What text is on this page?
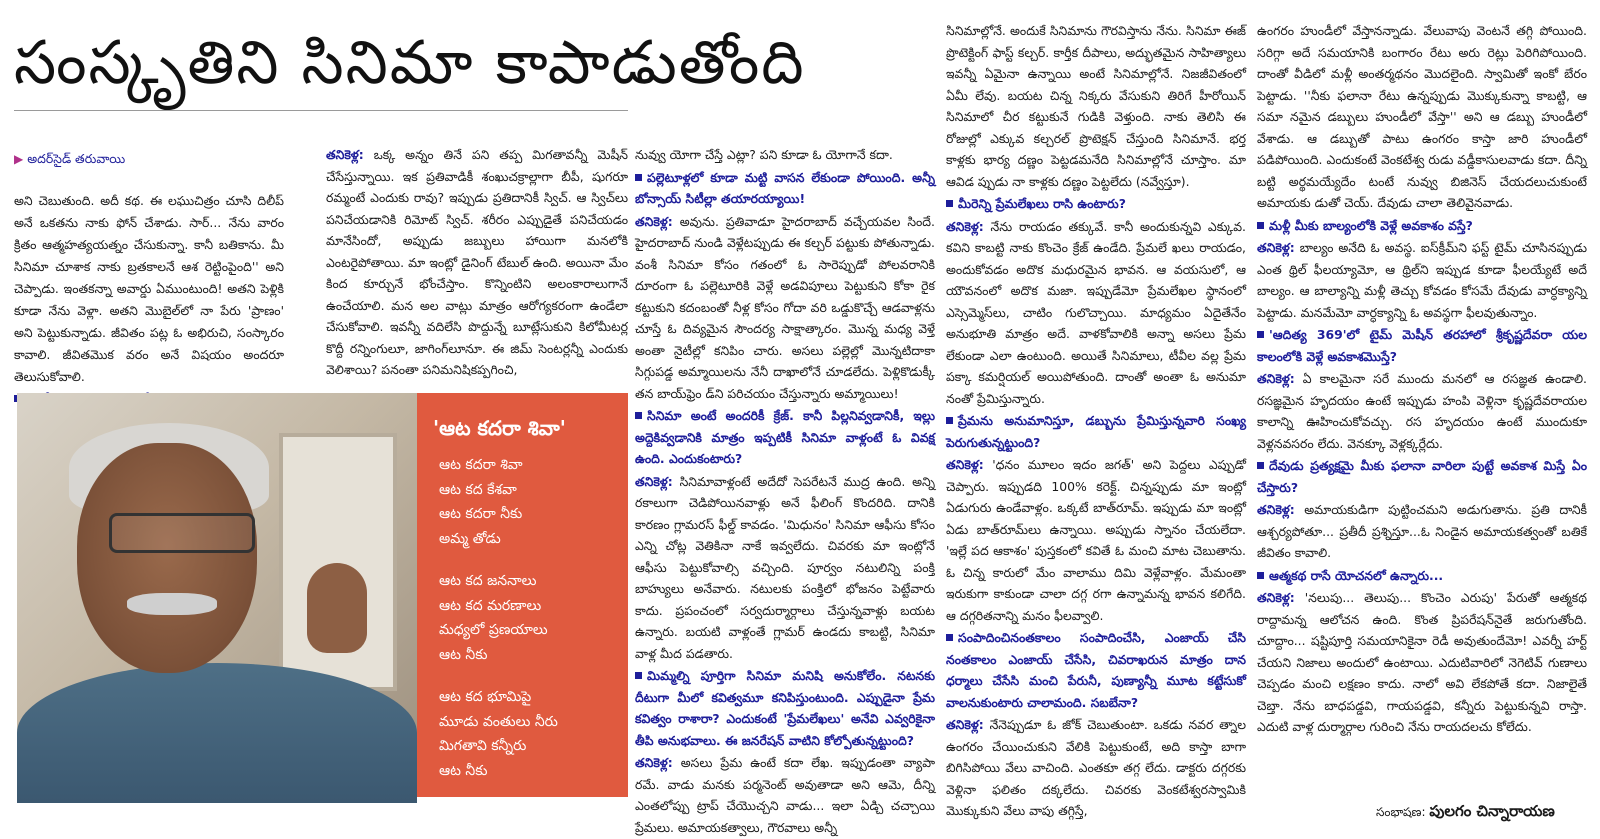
సంస్కృతిని సినిమా కాపాడుతోంది
▶ అదర్‌సైడ్‌ తరువాయి

అని చెబుతుంది. అదీ కథ. ఈ లఘుచిత్రం చూసి దిలీప్‌ అనే ఒకతను నాకు ఫోన్‌ చేశాడు. సార్‌... నేను వారం క్రితం ఆత్మహత్యయత్నం చేసుకున్నా. కానీ బతికాను. మీ సినిమా చూశాక నాకు బ్రతకాలనే ఆశ రెట్టింపైంది'' అని చెప్పాడు. ఇంతకన్నా అవార్డు ఏముంటుంది! అతని పెళ్లికి కూడా నేను వెళ్లా. అతని మొబైల్‌లో నా పేరు 'ప్రాణం' అని పెట్టుకున్నాడు. జీవితం పట్ల ఓ అభిరుచి, సంస్కారం కావాలి. జీవితమొక వరం అనే విషయం అందరూ తెలుసుకోవాలి.

తనికెళ్ల: ఒక్క అన్నం తినే పని తప్ప మిగతావన్నీ మెషీన్‌ చేసేస్తున్నాయి. ఇక ప్రతివాడికీ శంఖుచక్రాల్లాగా బీపీ, షుగరూ రమ్మంటే ఎందుకు రావు? ఇప్పుడు ప్రతిదానికీ స్విచ్‌. ఆ స్విచ్‌లు పనిచేయడానికి రిమోట్‌ స్విచ్‌. శరీరం ఎప్పుడైతే పనిచేయడం మానేసిందో, అప్పుడు జబ్బులు హాయిగా మనలోకి ఎంటరైపోతాయి. మా ఇంట్లో డైనింగ్‌ టేబుల్‌ ఉంది. అయినా మేం కింద కూర్చునే భోంచేస్తాం. కొన్నింటిని అలంకారాలుగానే ఉంచేయాలి. మన అల వాట్లు మాత్రం ఆరోగ్యకరంగా ఉండేలా చేసుకోవాలి. ఇవన్నీ వదిలేసి పొద్దున్నే బూట్లేసుకుని కిలోమీటర్ల కొద్దీ రన్నింగులూ, జాగింగ్‌లూనూ. ఈ జిమ్‌ సెంటర్లన్నీ ఎందుకు వెలిశాయి? పనంతా పనిమనిషికప్పగించి,

'ఆట కదరా శివా'

ఆట కదరా శివా

ఆట కద కేశవా

ఆట కదరా నీకు

అమ్మ తోడు

ఆట కద జననాలు

ఆట కద మరణాలు

మధ్యలో ప్రణయాలు

ఆట నీకు

ఆట కద భూమిపై

మూడు వంతులు నీరు

మిగతావి కన్నీరు

ఆట నీకు

నువ్వు యోగా చేస్తే ఎట్లా? పని కూడా ఓ యోగానే కదా.

పల్లెటూళ్లలో కూడా మట్టి వాసన లేకుండా పోయింది. అన్నీ బోన్సాయ్‌ సిటీల్లా తయారయ్యాయి!

తనికెళ్ల: అవును. ప్రతివాడూ హైదరాబాద్‌ వచ్చేయవల సిందే. హైదరాబాద్‌ నుండి వెళ్లేటప్పుడు ఈ కల్చర్‌ పట్టుకు పోతున్నాడు. వంశీ సినిమా కోసం గతంలో ఓ సారెప్పుడో పోలవరానికి దూరంగా ఓ పల్లెటూరికి వెళ్లే అడవిపూలు పెట్టుకుని కోకా రైక కట్టుకుని కదంబంతో నీళ్ల కోసం గోదా వరి ఒడ్డుకొచ్చే ఆడవాళ్లను చూస్తే ఓ దివ్యమైన సౌందర్య సాక్షాత్కారం. మొన్న మధ్య వెళ్తే అంతా నైటీల్లో కనిపిం చారు. అసలు పల్లెల్లో మొన్నటిదాకా సిగ్గుపడ్డ అమ్మాయిలను నేనీ దాఖాలోనే చూడలేదు. పెళ్లికొడుక్కీ తన బాయ్‌ఫ్రెం డ్‌ని పరిచయం చేస్తున్నారు అమ్మాయిలు!

సినిమా అంటే అందరికీ క్రేజ్‌. కానీ పిల్లనివ్వడానికీ, ఇల్లు అద్దెకివ్వడానికి మాత్రం ఇప్పటికీ సినిమా వాళ్లంటే ఓ వివక్ష ఉంది. ఎందుకంటారు?

తనికెళ్ల: సినిమావాళ్లంటే అదేదో సెపరేటనే ముద్ర ఉంది. అన్ని రకాలుగా చెడిపోయినవాళ్లు అనే ఫీలింగ్‌ కొందరిది. దానికి కారణం గ్లామరస్‌ ఫీల్డ్‌ కావడం. 'మిధునం' సినిమా ఆఫీసు కోసం ఎన్ని చోట్ల వెతికినా నాకే ఇవ్వలేదు. చివరకు మా ఇంట్లోనే ఆఫీసు పెట్టుకోవాల్సి వచ్చింది. పూర్వం నటులిన్ని పంక్తి బాహ్యులు అనేవారు. నటులకు పంక్తిలో భోజనం పెట్టేవారు కాదు. ప్రపంచంలో సర్వదుర్మార్గాలు చేస్తున్నవాళ్లు బయట ఉన్నారు. బయటి వాళ్లంతే గ్లామర్‌ ఉండదు కాబట్టి, సినిమా వాళ్ల మీద పడతారు.

మిమ్మల్ని పూర్తిగా సినిమా మనిషి అనుకోలేం. నటనకు దీటుగా మీలో కవిత్వమూ కనిపిస్తుంటుంది. ఎప్పుడైనా ప్రేమ కవిత్వం రాశారా? ఎందుకంటే 'ప్రేమలేఖలు' అనేవి ఎవ్వరికైనా తీపి అనుభవాలు. ఈ జనరేషన్‌ వాటిని కోల్పోతున్నట్టుంది?

తనికెళ్ల: అసలు ప్రేమ ఉంటే కదా లేఖ. ఇప్పుడంతా వ్యాపా రమే. వాడు మనకు పర్మనెంట్‌ అవుతాడా అని ఆమె, దీన్ని ఎంతలోప్పు ట్రాప్‌ చేయొచ్చని వాడు... ఇలా ఏడ్చి చచ్చాయి ప్రేమలు. అమాయకత్వాలు, గౌరవాలు అన్నీ

సినిమాల్లోనే. అందుకే సినిమాను గౌరవిస్తాను నేను. సినిమా ఈజ్‌ ప్రొటెక్టింగ్‌ ఫాస్ట్‌ కల్చర్‌. కార్తీక దీపాలు, అద్భుతమైన సాహిత్యాలు ఇవన్నీ ఏమైనా ఉన్నాయి అంటే సినిమాల్లోనే. నిజజీవితంలో ఏమీ లేవు. బయట చిన్న నిక్కరు వేసుకుని తిరిగే హీరోయిన్‌ సినిమాలో చీర కట్టుకునే గుడికి వెళ్తుంది. నాకు తెలిసి ఈ రోజుల్లో ఎక్కువ కల్చరల్‌ ప్రొటెక్షన్‌ చేస్తుంది సినిమానే. భర్త కాళ్లకు భార్య దణ్ణం పెట్టడమనేది సినిమాల్లోనే చూస్తాం. మా ఆవిడ ప్పుడు నా కాళ్లకు దణ్ణం పెట్టలేదు (నవ్వేస్తూ).

మీరెన్ని ప్రేమలేఖలు రాసి ఉంటారు?

తనికెళ్ల: నేను రాయడం తక్కువే. కానీ అందుకున్నవి ఎక్కువ. కవిని కాబట్టి నాకు కొంచెం క్రేజ్‌ ఉండేది. ప్రేమలే ఖలు రాయడం, అందుకోవడం అదొక మధురమైన భావన. ఆ వయసులో, ఆ యౌవనంలో అదొక మజా. ఇప్పుడేమో ప్రేమలేఖల స్థానంలో ఎస్సెమ్మెస్‌లు, చాటిం గులొచ్చాయి. మాధ్యమం ఏదైతేనేం అనుభూతి మాత్రం అదే. వాళకోవాలికి అన్నా అసలు ప్రేమ లేకుండా ఎలా ఉంటుంది. అయితే సినిమాలు, టీవీల వల్ల ప్రేమ పక్కా కమర్షియల్‌ అయిపోతుంది. దాంతో అంతా ఓ అనుమా నంతో ప్రేమిస్తున్నారు.

ప్రేమను అనుమానిస్తూ, డబ్బును ప్రేమిస్తున్నవారి సంఖ్య పెరుగుతున్నట్టుంది?

తనికెళ్ల: 'ధనం మూలం ఇదం జగత్‌' అని పెద్దలు ఎప్పుడో చెప్పారు. ఇప్పుడది 100% కరెక్ట్‌. చిన్నప్పుడు మా ఇంట్లో ఏడుగురు ఉండేవాళ్లం. ఒక్కటే బాత్‌రూమ్‌. ఇప్పుడు మా ఇంట్లో ఏడు బాత్‌రూమ్‌లు ఉన్నాయి. అప్పుడు స్నానం చేయలేదా. 'ఇల్లే పద ఆకాశం' పుస్తకంలో కవితే ఓ మంచి మాట చెబుతాను. ఓ చిన్న కారులో మేం వాలాము దిమి వెళ్లేవాళ్లం. మేమంతా ఇరుకుగా కాకుండా చాలా దగ్గ రగా ఉన్నామన్న భావన కలిగేది. ఆ దగ్గరితనాన్ని మనం ఫీలవ్వాలి.

సంపాదించినంతకాలం సంపాదించేసి, ఎంజాయ్‌ చేసి నంతకాలం ఎంజాయ్‌ చేసేసి, చివరాఖరున మాత్రం దాన ధర్మాలు చేసేసి మంచి పేరునీ, పుణ్యాన్నీ మూట కట్టేసుకో వాలనుకుంటారు చాలామంది. సబబేనా?

తనికెళ్ల: నేనెప్పుడూ ఓ జోక్‌ చెబుతుంటా. ఒకడు నవర త్నాల ఉంగరం చేయించుకుని వేలికి పెట్టుకుంటే, అది కాస్తా బాగా బిగిసిపోయి వేలు వాచింది. ఎంతకూ తగ్గ లేదు. డాక్టరు దగ్గరకు వెళ్లినా ఫలితం దక్కలేదు. చివరకు వెంకటేశ్వరస్వామికి మొక్కుకుని వేలు వాపు తగ్గిస్తే,

ఉంగరం హుండీలో వేస్తానన్నాడు. వేలువాపు వెంటనే తగ్గి పోయింది. సరిగ్గా అదే సమయానికి బంగారం రేటు అరు రెట్లు పెరిగిపోయింది. దాంతో వీడిలో మళ్లీ అంతర్మథనం మొదలైంది. స్వామితో ఇంకో బేరం పెట్టాడు. ''నీకు ఫలానా రేటు ఉన్నప్పుడు మొక్కుకున్నా కాబట్టి, ఆ సమా నమైన డబ్బులు హుండీలో వేస్తా'' అని ఆ డబ్బు హుండీలో వేశాడు. ఆ డబ్బుతో పాటు ఉంగరం కాస్తా జారి హుండీలో పడిపోయింది. ఎందుకంటే వెంకటేశ్వ రుడు వడ్డీకాసులవాడు కదా. దీన్ని బట్టి అర్థమయ్యేదేం టంటే నువ్వు బిజినెస్‌ చేయదలుచుకుంటే అమాయకు డుతో చెయ్‌. దేవుడు చాలా తెలివైనవాడు.

మళ్లీ మీకు బాల్యంలోకి వెళ్లే అవకాశం వస్తే?

తనికెళ్ల: బాల్యం అనేది ఓ అవస్థ. ఐస్‌క్రీమ్‌ని ఫస్ట్‌ టైమ్‌ చూసినప్పుడు ఎంత థ్రిల్‌ ఫీలయ్యామో, ఆ థ్రిల్‌ని ఇప్పుడ కూడా ఫీలయ్యేటే అదే బాల్యం. ఆ బాల్యాన్ని మళ్లీ తెచ్చు కోవడం కోసమే దేవుడు వార్ధక్యాన్ని పెట్టాడు. మనమేమో వార్ధక్యాన్ని ఓ అవస్థగా ఫీలవుతున్నాం.

'ఆదిత్య 369'లో టైమ్‌ మెషీన్‌ తరహాలో శ్రీకృష్ణదేవరా యల కాలంలోకి వెళ్లే అవకాశమొస్తే?

తనికెళ్ల: ఏ కాలమైనా సరే ముందు మనలో ఆ రసజ్ఞత ఉండాలి. రసజ్ఞమైన హృదయం ఉంటే ఇప్పుడు హంపి వెళ్లినా కృష్ణదేవరాయల కాలాన్ని ఊహించుకోవచ్చు. రస హృదయం ఉంటే ముందుకూ వెళ్లనవసరం లేదు. వెనక్కూ వెళ్లక్కర్లేదు.

దేవుడు ప్రత్యక్షమై మీకు ఫలానా వారిలా పుట్టే అవకాశ మిస్తే ఏం చేస్తారు?

తనికెళ్ల: అమాయకుడిగా పుట్టించమని అడుగుతాను. ప్రతి దానికీ ఆశ్చర్యపోతూ... ప్రతీదీ ప్రశ్నిస్తూ...ఓ నిండైన అమాయకత్వంతో బతికే జీవితం కావాలి.

ఆత్మకథ రాసే యోచనలో ఉన్నారు...

తనికెళ్ల: 'నలుపు... తెలుపు... కొంచెం ఎరుపు' పేరుతో ఆత్మకథ రాద్దామన్న ఆలోచన ఉంది. కొంత ప్రిపరేషన్‌నైతే జరుగుతోంది. చూద్దాం... షష్టిపూర్తి సమయానికైనా రెడీ అవుతుందేమో! ఎవర్నీ హర్ట్‌ చేయని నిజాలు అందులో ఉంటాయి. ఎదుటివారిలో నెగెటివ్‌ గుణాలు చెప్పడం మంచి లక్షణం కాదు. నాలో అవి లేకపోతే కదా. నిజాలైతే చెబ్తా. నేను బాధపడ్డవి, గాయపడ్డవి, కన్నీరు పెట్టుకున్నవి రాస్తా. ఎదుటి వాళ్ల దుర్మార్గాల గురించి నేను రాయదలచు కోలేదు.

సంభాషణ: పులగం చిన్నారాయణ
